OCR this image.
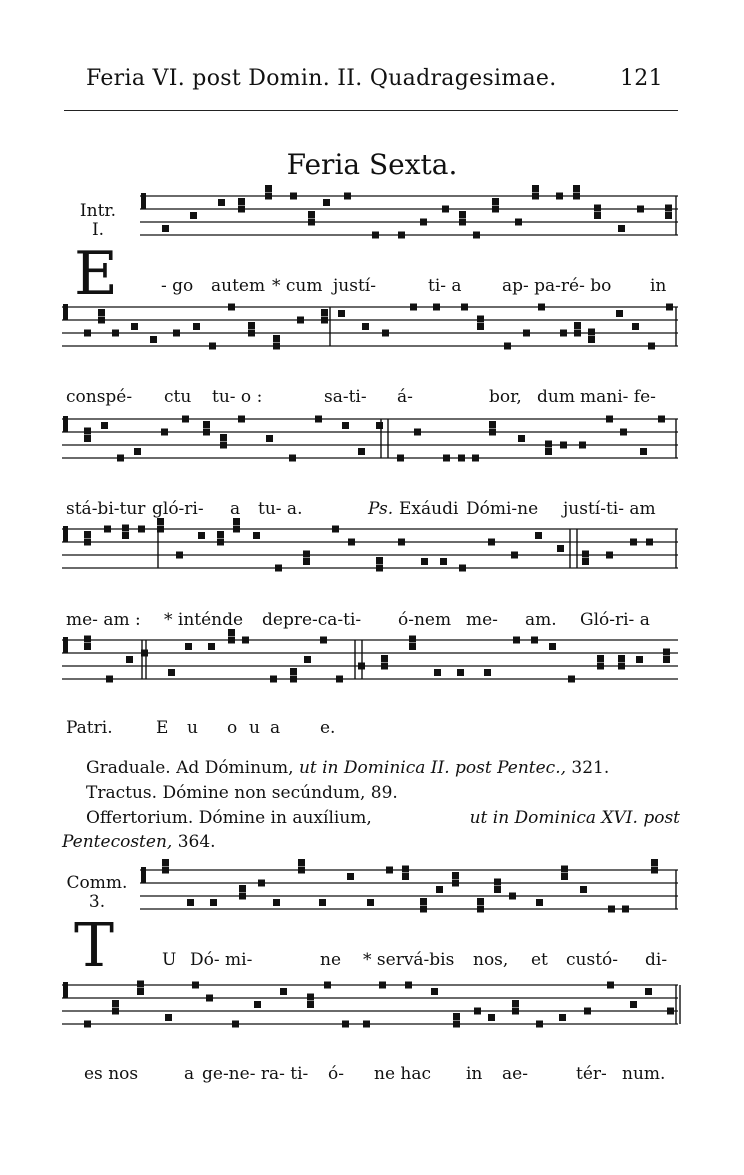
Feria VI. post Domin. II. Quadragesimae.	121
Feria Sexta.
Intr.
I.
E	- go autem * cum justí-	ti- a ap- pa-ré- bo in
conspé- ctu tu- o :	sa-ti- á-	bor, dum mani- fe-
stá-bi-tur gló-ri- a tu- a.	Ps. Exáudi Dómi-ne justí-ti- am
me- am : * inténde depre-ca-ti- ó-nem me- am. Gló-ri- a
Patri.	E u o u a e.
Graduale. Ad Dóminum, ut in Dominica II. post Pentec., 321.
Tractus. Dómine non secúndum, 89.
Offertorium. Dómine in auxílium,	ut in Dominica XVI. post
Pentecosten, 364.
Comm.
3.
T	U Dó- mi-	ne * servá-bis nos, et custó- di-
es nos	a ge-ne- ra- ti- ó- ne hac in ae-	tér- num.
